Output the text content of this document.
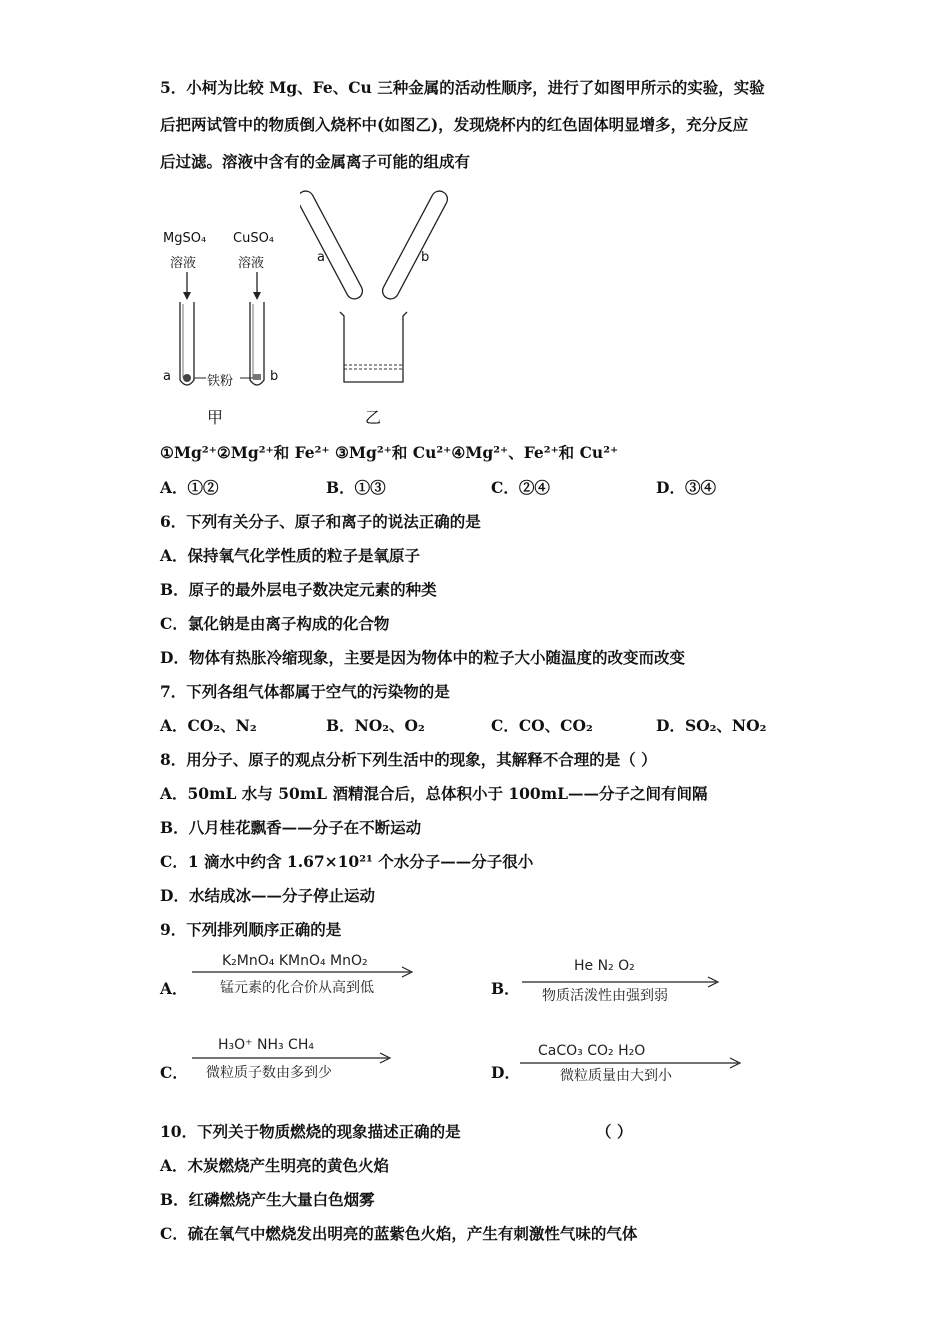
5．小柯为比较 Mg、Fe、Cu 三种金属的活动性顺序，进行了如图甲所示的实验，实验
后把两试管中的物质倒入烧杯中(如图乙)，发现烧杯内的红色固体明显增多，充分反应
后过滤。溶液中含有的金属离子可能的组成有
MgSO₄
溶液
CuSO₄
溶液
a	b
铁粉
甲
a	b
乙
①Mg²⁺②Mg²⁺和 Fe²⁺ ③Mg²⁺和 Cu²⁺④Mg²⁺、Fe²⁺和 Cu²⁺
A．①②	B．①③	C．②④	D．③④
6．下列有关分子、原子和离子的说法正确的是
A．保持氧气化学性质的粒子是氧原子
B．原子的最外层电子数决定元素的种类
C．氯化钠是由离子构成的化合物
D．物体有热胀冷缩现象，主要是因为物体中的粒子大小随温度的改变而改变
7．下列各组气体都属于空气的污染物的是
A．CO₂、N₂	B．NO₂、O₂	C．CO、CO₂	D．SO₂、NO₂
8．用分子、原子的观点分析下列生活中的现象，其解释不合理的是（ ）
A．50mL 水与 50mL 酒精混合后，总体积小于 100mL——分子之间有间隔
B．八月桂花飘香——分子在不断运动
C．1 滴水中约含 1.67×10²¹ 个水分子——分子很小
D．水结成冰——分子停止运动
9．下列排列顺序正确的是
A．
K₂MnO₄ KMnO₄ MnO₂
锰元素的化合价从高到低	B．
He N₂ O₂
物质活泼性由强到弱
C．
H₃O⁺ NH₃ CH₄
微粒质子数由多到少	D．
CaCO₃ CO₂ H₂O
微粒质量由大到小
10．下列关于物质燃烧的现象描述正确的是	（ ）
A．木炭燃烧产生明亮的黄色火焰
B．红磷燃烧产生大量白色烟雾
C．硫在氧气中燃烧发出明亮的蓝紫色火焰，产生有刺激性气味的气体
